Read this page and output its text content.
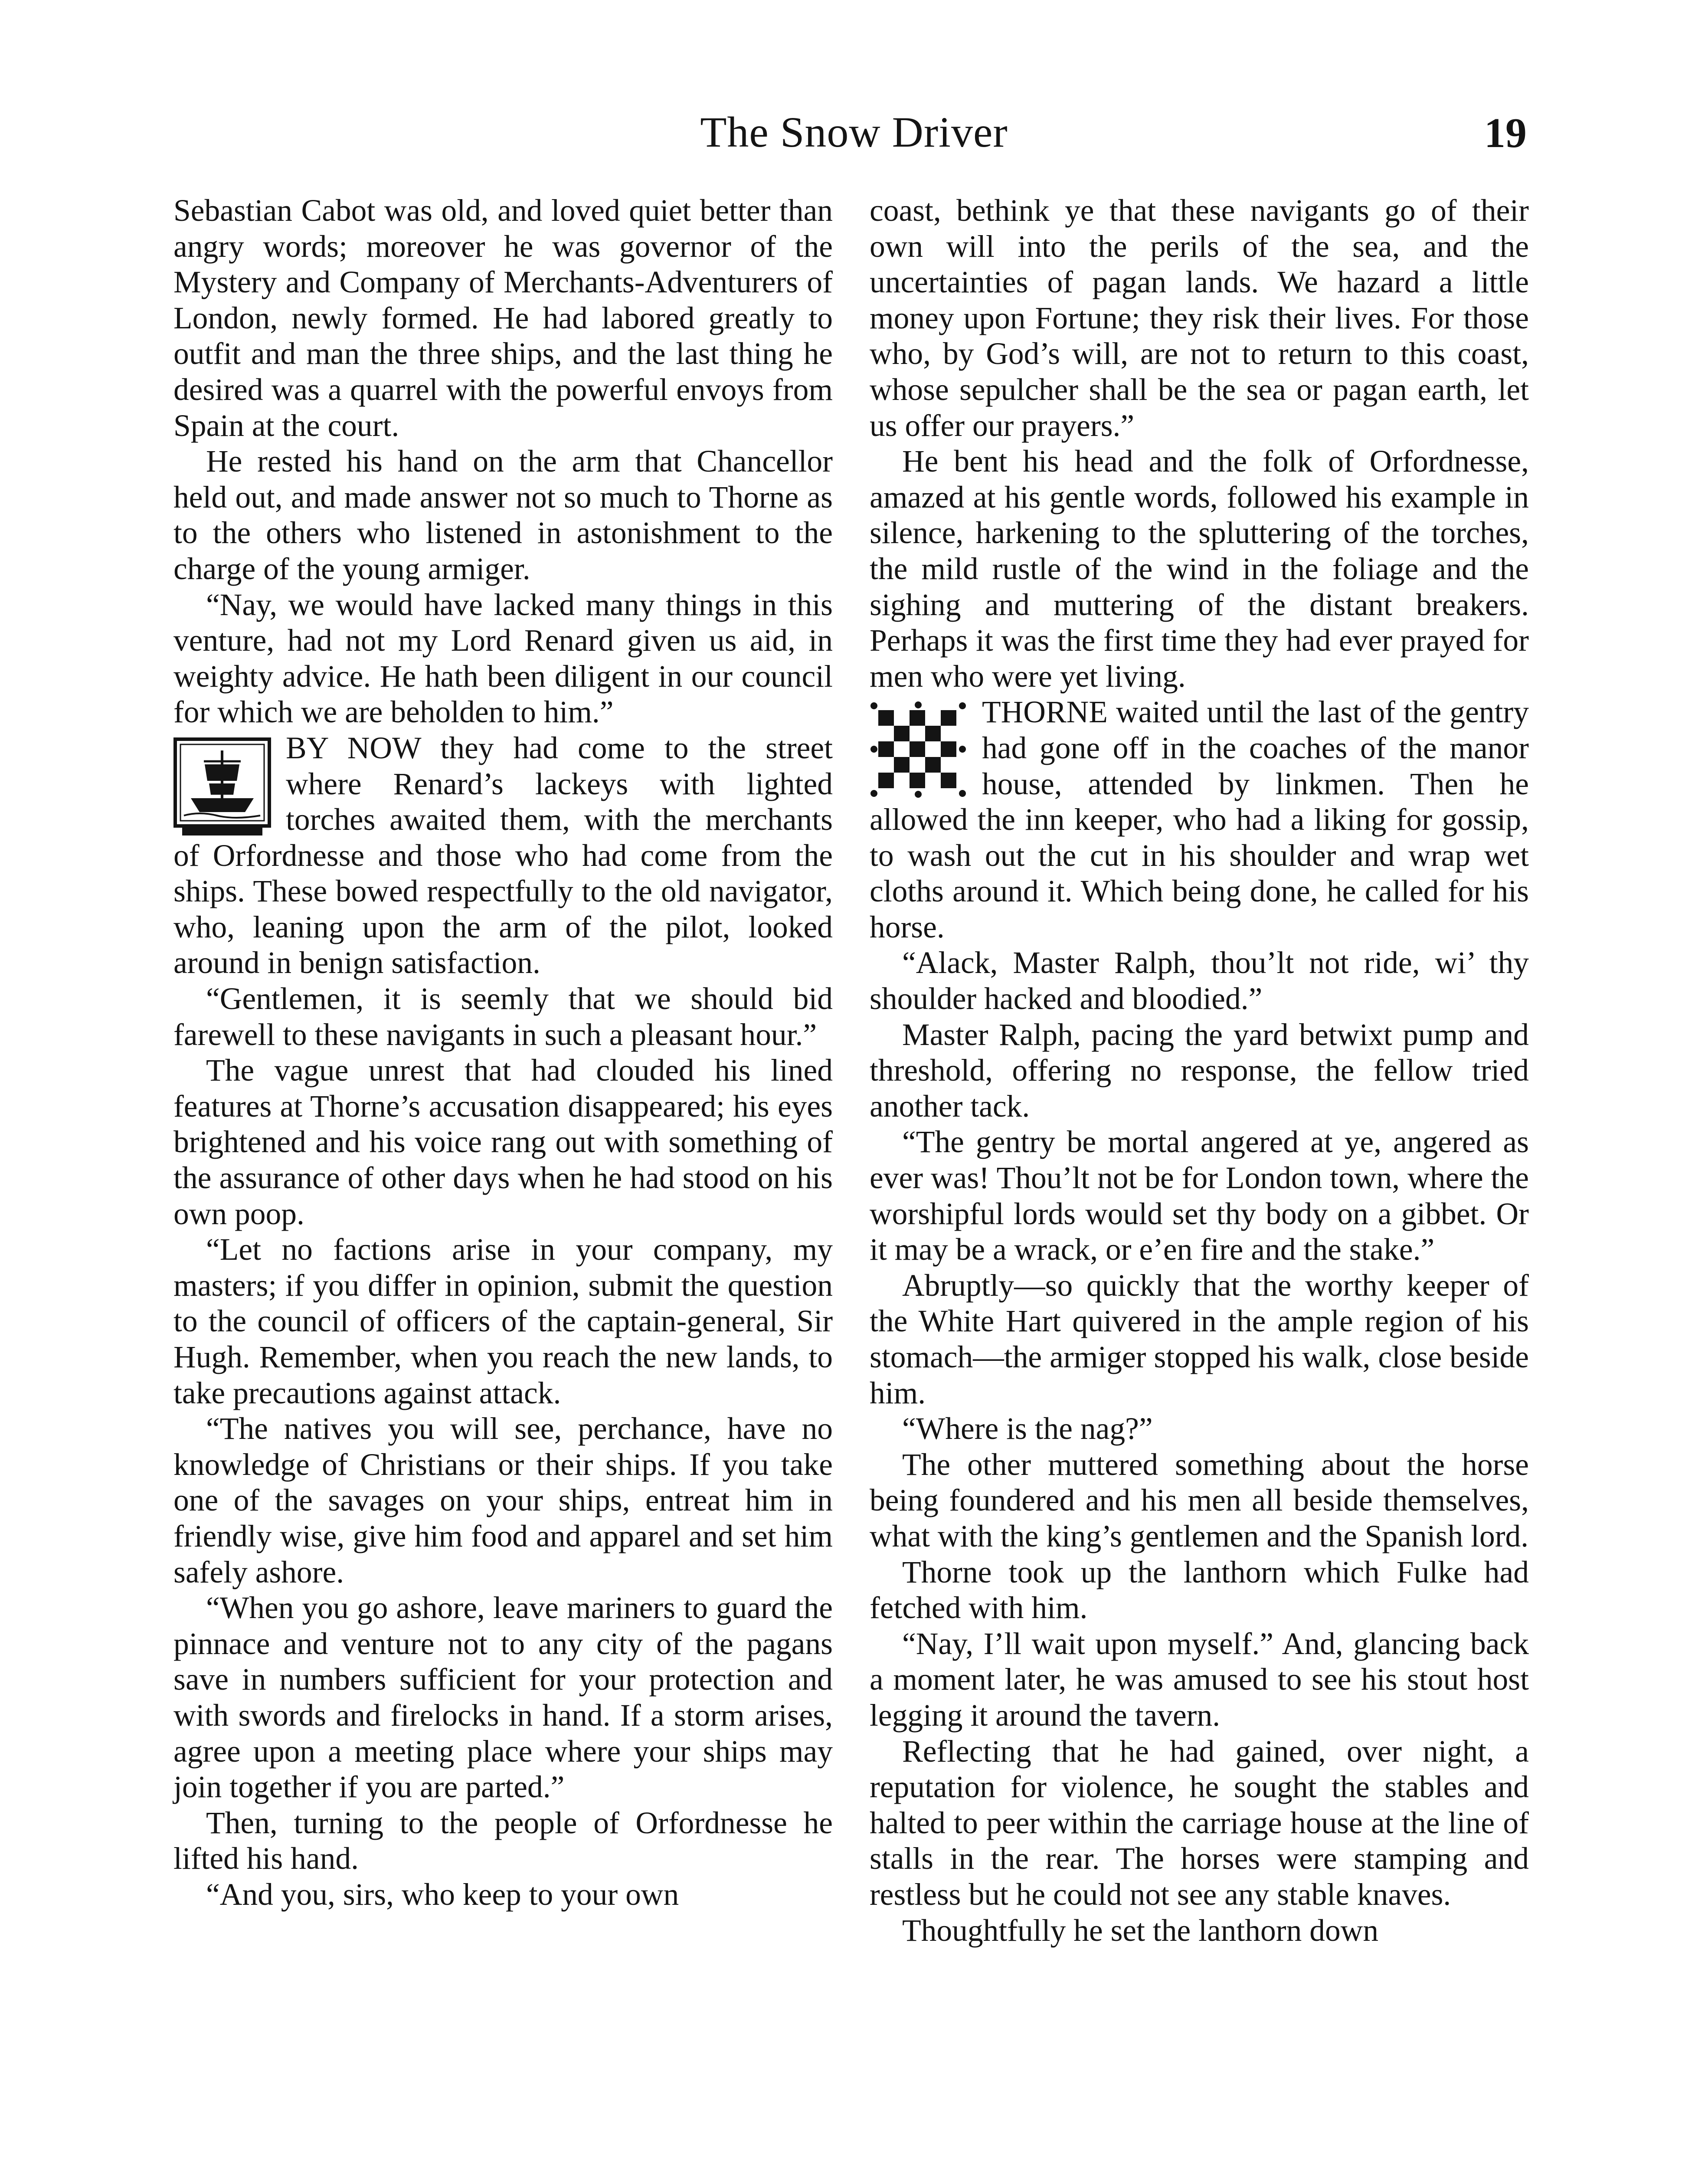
The Snow Driver	19

Sebastian Cabot was old, and loved quiet better than angry words; moreover he was governor of the Mystery and Company of Merchants-Adventurers of London, newly formed. He had labored greatly to outfit and man the three ships, and the last thing he desired was a quarrel with the powerful envoys from Spain at the court.

He rested his hand on the arm that Chancellor held out, and made answer not so much to Thorne as to the others who listened in astonishment to the charge of the young armiger.

“Nay, we would have lacked many things in this venture, had not my Lord Renard given us aid, in weighty advice. He hath been diligent in our council for which we are beholden to him.”

BY NOW they had come to the street where Renard’s lackeys with lighted torches awaited them, with the merchants of Orfordnesse and those who had come from the ships. These bowed respectfully to the old navigator, who, leaning upon the arm of the pilot, looked around in benign satisfaction.

“Gentlemen, it is seemly that we should bid farewell to these navigants in such a pleasant hour.”

The vague unrest that had clouded his lined features at Thorne’s accusation disappeared; his eyes brightened and his voice rang out with something of the assurance of other days when he had stood on his own poop.

“Let no factions arise in your company, my masters; if you differ in opinion, submit the question to the council of officers of the captain-general, Sir Hugh. Remember, when you reach the new lands, to take precautions against attack.

“The natives you will see, perchance, have no knowledge of Christians or their ships. If you take one of the savages on your ships, entreat him in friendly wise, give him food and apparel and set him safely ashore.

“When you go ashore, leave mariners to guard the pinnace and venture not to any city of the pagans save in numbers sufficient for your protection and with swords and firelocks in hand. If a storm arises, agree upon a meeting place where your ships may join together if you are parted.”

Then, turning to the people of Orfordnesse he lifted his hand.

“And you, sirs, who keep to your own

coast, bethink ye that these navigants go of their own will into the perils of the sea, and the uncertainties of pagan lands. We hazard a little money upon Fortune; they risk their lives. For those who, by God’s will, are not to return to this coast, whose sepulcher shall be the sea or pagan earth, let us offer our prayers.”

He bent his head and the folk of Orfordnesse, amazed at his gentle words, followed his example in silence, harkening to the spluttering of the torches, the mild rustle of the wind in the foliage and the sighing and muttering of the distant breakers. Perhaps it was the first time they had ever prayed for men who were yet living.

THORNE waited until the last of the gentry had gone off in the coaches of the manor house, attended by linkmen. Then he allowed the inn keeper, who had a liking for gossip, to wash out the cut in his shoulder and wrap wet cloths around it. Which being done, he called for his horse.

“Alack, Master Ralph, thou’lt not ride, wi’ thy shoulder hacked and bloodied.”

Master Ralph, pacing the yard betwixt pump and threshold, offering no response, the fellow tried another tack.

“The gentry be mortal angered at ye, angered as ever was! Thou’lt not be for London town, where the worshipful lords would set thy body on a gibbet. Or it may be a wrack, or e’en fire and the stake.”

Abruptly—so quickly that the worthy keeper of the White Hart quivered in the ample region of his stomach—the armiger stopped his walk, close beside him.

“Where is the nag?”

The other muttered something about the horse being foundered and his men all beside themselves, what with the king’s gentlemen and the Spanish lord.

Thorne took up the lanthorn which Fulke had fetched with him.

“Nay, I’ll wait upon myself.” And, glancing back a moment later, he was amused to see his stout host legging it around the tavern.

Reflecting that he had gained, over night, a reputation for violence, he sought the stables and halted to peer within the carriage house at the line of stalls in the rear. The horses were stamping and restless but he could not see any stable knaves.

Thoughtfully he set the lanthorn down
